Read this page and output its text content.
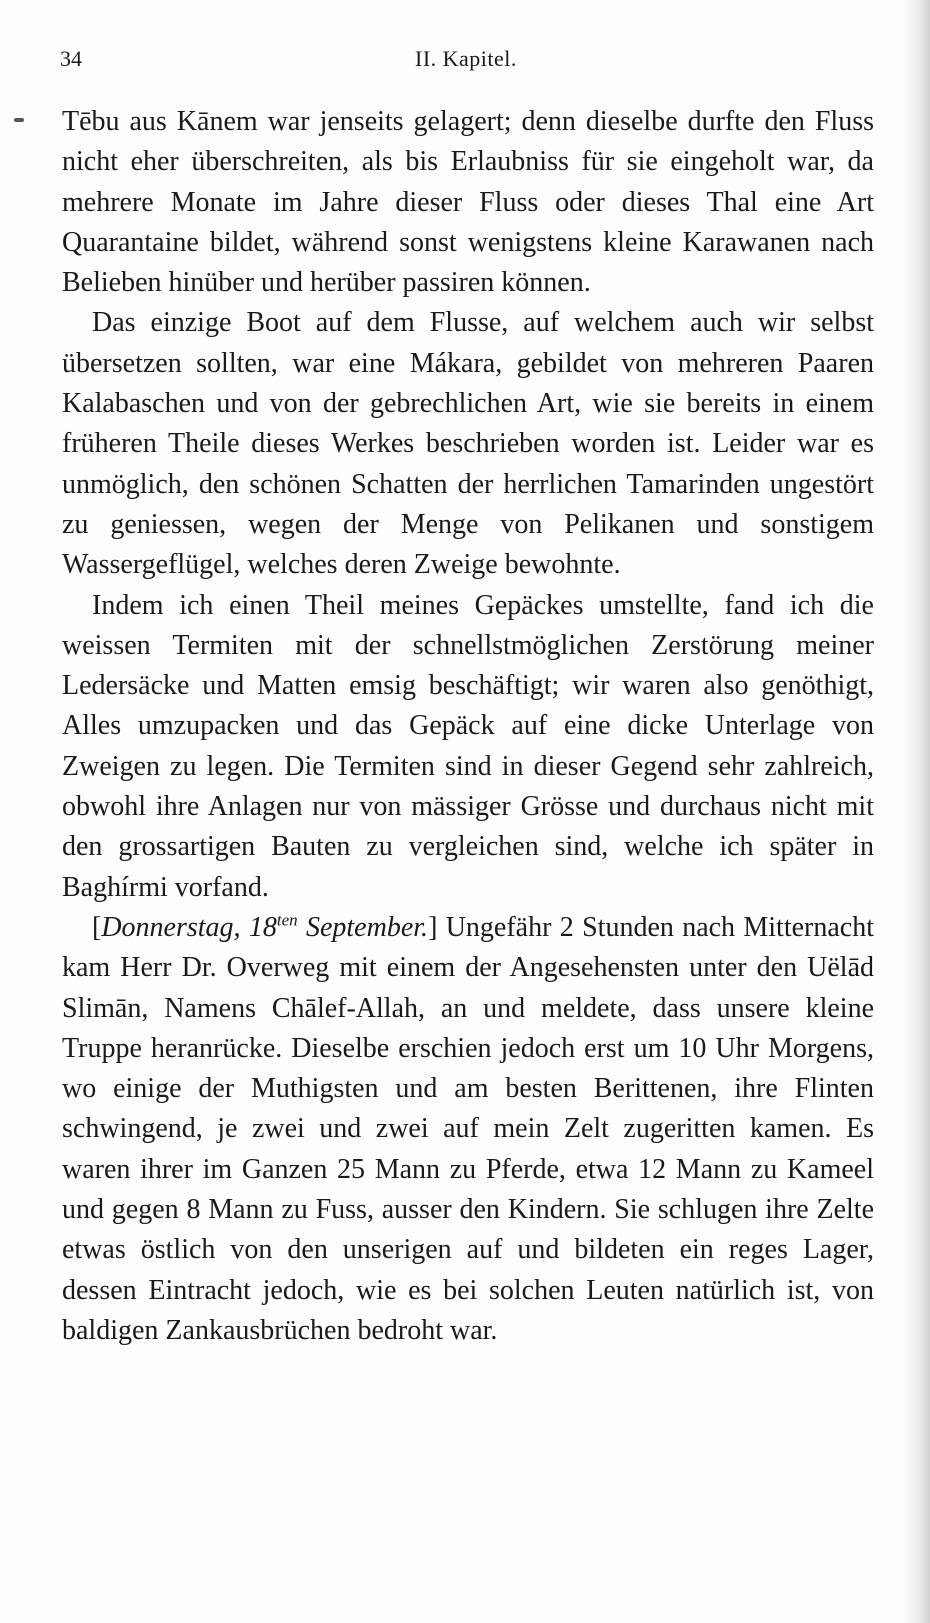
34	II. Kapitel.

Tēbu aus Kānem war jenseits gelagert; denn dieselbe durfte den Fluss nicht eher überschreiten, als bis Erlaubniss für sie eingeholt war, da mehrere Monate im Jahre dieser Fluss oder dieses Thal eine Art Quarantaine bildet, während sonst wenigstens kleine Karawanen nach Belieben hinüber und herüber passiren können.

Das einzige Boot auf dem Flusse, auf welchem auch wir selbst übersetzen sollten, war eine Mákara, gebildet von mehreren Paaren Kalabaschen und von der gebrechlichen Art, wie sie bereits in einem früheren Theile dieses Werkes beschrieben worden ist. Leider war es unmöglich, den schönen Schatten der herrlichen Tamarinden ungestört zu geniessen, wegen der Menge von Pelikanen und sonstigem Wassergeflügel, welches deren Zweige bewohnte.

Indem ich einen Theil meines Gepäckes umstellte, fand ich die weissen Termiten mit der schnellstmöglichen Zerstörung meiner Ledersäcke und Matten emsig beschäftigt; wir waren also genöthigt, Alles umzupacken und das Gepäck auf eine dicke Unterlage von Zweigen zu legen. Die Termiten sind in dieser Gegend sehr zahlreich, obwohl ihre Anlagen nur von mässiger Grösse und durchaus nicht mit den grossartigen Bauten zu vergleichen sind, welche ich später in Baghírmi vorfand.

[Donnerstag, $18^{ten}$ September.] Ungefähr 2 Stunden nach Mitternacht kam Herr Dr. Overweg mit einem der Angesehensten unter den Uëlād Slimān, Namens Chālef-Allah, an und meldete, dass unsere kleine Truppe heranrücke. Dieselbe erschien jedoch erst um 10 Uhr Morgens, wo einige der Muthigsten und am besten Berittenen, ihre Flinten schwingend, je zwei und zwei auf mein Zelt zugeritten kamen. Es waren ihrer im Ganzen 25 Mann zu Pferde, etwa 12 Mann zu Kameel und gegen 8 Mann zu Fuss, ausser den Kindern. Sie schlugen ihre Zelte etwas östlich von den unserigen auf und bildeten ein reges Lager, dessen Eintracht jedoch, wie es bei solchen Leuten natürlich ist, von baldigen Zankausbrüchen bedroht war.
